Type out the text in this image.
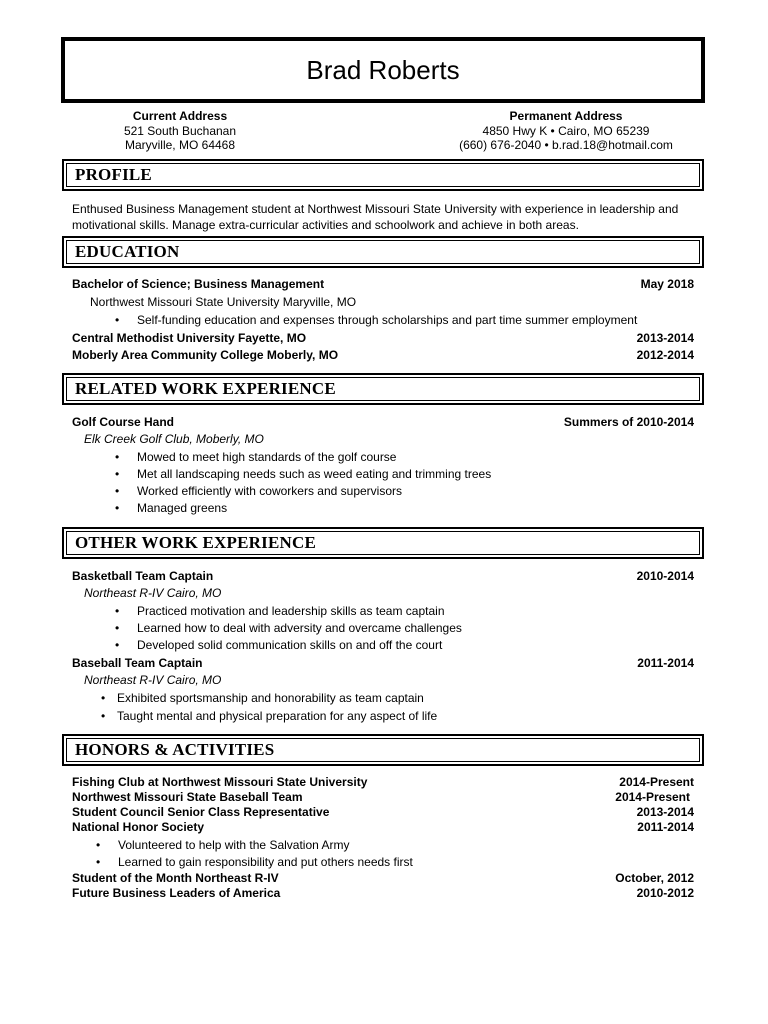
Brad Roberts
Current Address
521 South Buchanan
Maryville, MO 64468
Permanent Address
4850 Hwy K • Cairo, MO 65239
(660) 676-2040 • b.rad.18@hotmail.com
PROFILE
Enthused Business Management student at Northwest Missouri State University with experience in leadership and motivational skills. Manage extra-curricular activities and schoolwork and achieve in both areas.
EDUCATION
Bachelor of Science; Business Management	May 2018
Northwest Missouri State University Maryville, MO
• Self-funding education and expenses through scholarships and part time summer employment
Central Methodist University Fayette, MO	2013-2014
Moberly Area Community College Moberly, MO	2012-2014
RELATED WORK EXPERIENCE
Golf Course Hand	Summers of 2010-2014
Elk Creek Golf Club, Moberly, MO
• Mowed to meet high standards of the golf course
• Met all landscaping needs such as weed eating and trimming trees
• Worked efficiently with coworkers and supervisors
• Managed greens
OTHER WORK EXPERIENCE
Basketball Team Captain	2010-2014
Northeast R-IV Cairo, MO
• Practiced motivation and leadership skills as team captain
• Learned how to deal with adversity and overcame challenges
• Developed solid communication skills on and off the court
Baseball Team Captain	2011-2014
Northeast R-IV Cairo, MO
• Exhibited sportsmanship and honorability as team captain
• Taught mental and physical preparation for any aspect of life
HONORS & ACTIVITIES
Fishing Club at Northwest Missouri State University	2014-Present
Northwest Missouri State Baseball Team	2014-Present
Student Council Senior Class Representative	2013-2014
National Honor Society	2011-2014
• Volunteered to help with the Salvation Army
• Learned to gain responsibility and put others needs first
Student of the Month Northeast R-IV	October, 2012
Future Business Leaders of America	2010-2012
